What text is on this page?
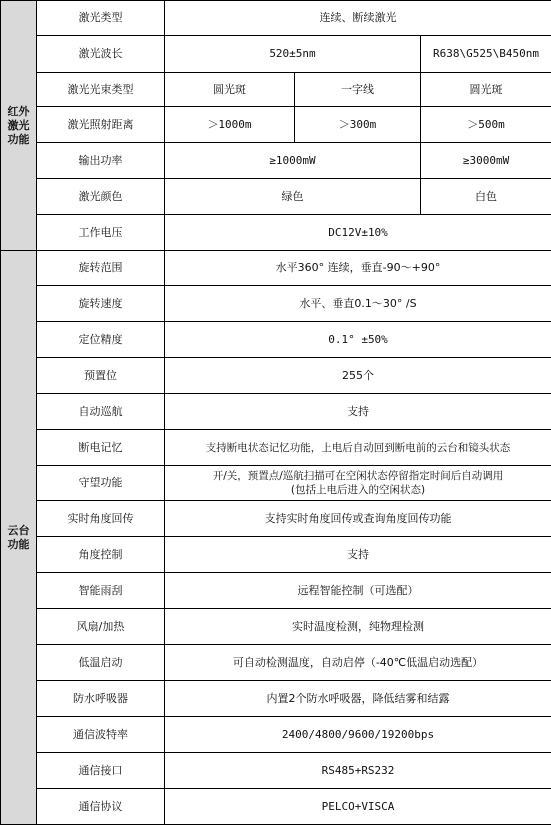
红外激光功能	激光类型	连续、断续激光		
	激光波长	520±5nm		R638\G525\B450nm
	激光光束类型	圆光斑	一字线	圆光斑
	激光照射距离	＞1000m	＞300m	＞500m
	输出功率	≥1000mW		≥3000mW
	激光颜色	绿色		白色
	工作电压	DC12V±10%		
云台功能	旋转范围	水平360° 连续，垂直-90～+90°		
	旋转速度	水平、垂直0.1～30° /S		
	定位精度	0.1° ±50%		
	预置位	255个		
	自动巡航	支持		
	断电记忆	支持断电状态记忆功能，上电后自动回到断电前的云台和镜头状态		
	守望功能	开/关，预置点/巡航扫描可在空闲状态停留指定时间后自动调用
(包括上电后进入的空闲状态)		

	实时角度回传	支持实时角度回传或查询角度回传功能		
	角度控制	支持		
	智能雨刮	远程智能控制（可选配）		
	风扇/加热	实时温度检测，纯物理检测		
	低温启动	可自动检测温度，自动启停（-40℃低温启动选配）		
	防水呼吸器	内置2个防水呼吸器，降低结雾和结露		
	通信波特率	2400/4800/9600/19200bps		
	通信接口	RS485+RS232		
	通信协议	PELCO+VISCA		
